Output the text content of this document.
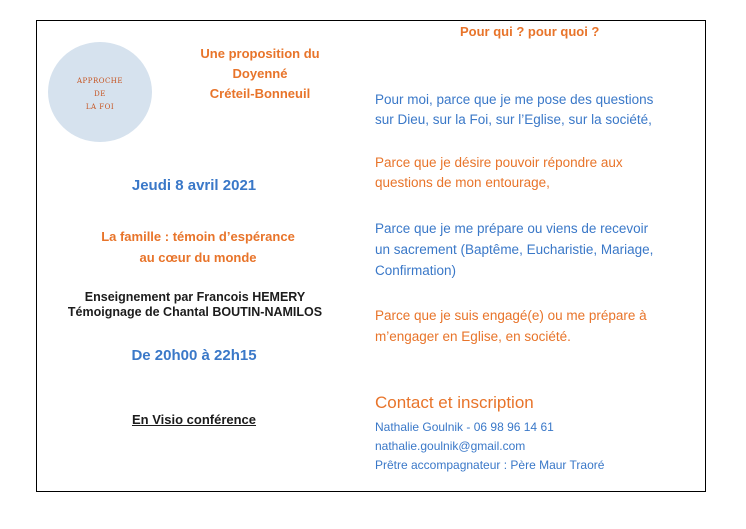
APPROCHE
DE
LA FOI
Une proposition du
Doyenné
Créteil-Bonneuil
Jeudi 8 avril 2021
La famille : témoin d’espérance
au cœur du monde
Enseignement par Francois HEMERY
Témoignage de Chantal BOUTIN-NAMILOS
De 20h00 à 22h15
En Visio conférence
Pour qui ? pour quoi ?
Pour moi, parce que je me pose des questions
sur Dieu, sur la Foi, sur l’Eglise, sur la société,
Parce que je désire pouvoir répondre aux
questions de mon entourage,
Parce que je me prépare ou viens de recevoir
un sacrement (Baptême, Eucharistie, Mariage,
Confirmation)
Parce que je suis engagé(e) ou me prépare à
m’engager en Eglise, en société.
Contact et inscription
Nathalie Goulnik - 06 98 96 14 61
nathalie.goulnik@gmail.com
Prêtre accompagnateur : Père Maur Traoré
